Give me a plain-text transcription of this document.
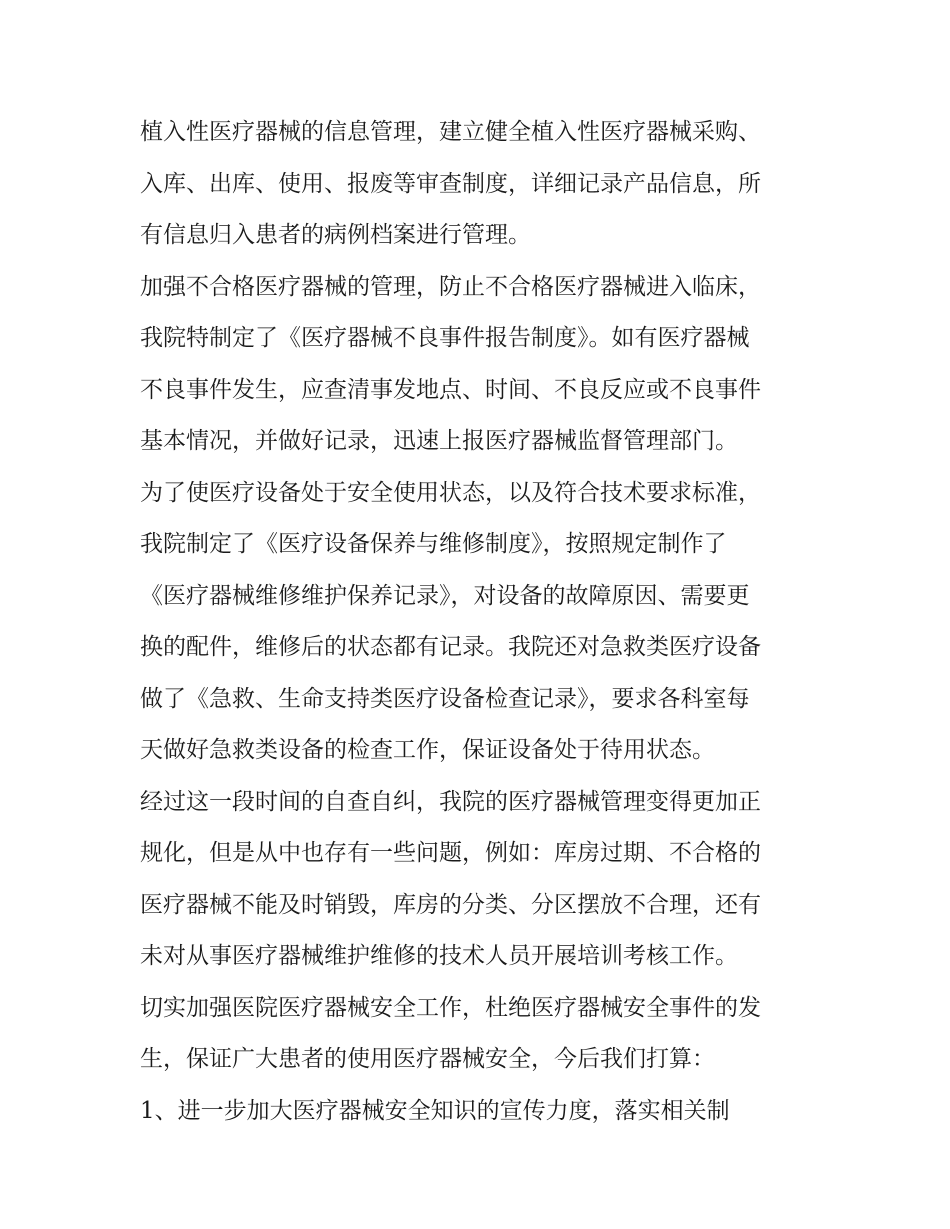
植入性医疗器械的信息管理，建立健全植入性医疗器械采购、
入库、出库、使用、报废等审查制度，详细记录产品信息，所
有信息归入患者的病例档案进行管理。
加强不合格医疗器械的管理，防止不合格医疗器械进入临床，
我院特制定了《医疗器械不良事件报告制度》。如有医疗器械
不良事件发生，应查清事发地点、时间、不良反应或不良事件
基本情况，并做好记录，迅速上报医疗器械监督管理部门。
为了使医疗设备处于安全使用状态，以及符合技术要求标准，
我院制定了《医疗设备保养与维修制度》，按照规定制作了
《医疗器械维修维护保养记录》，对设备的故障原因、需要更
换的配件，维修后的状态都有记录。我院还对急救类医疗设备
做了《急救、生命支持类医疗设备检查记录》，要求各科室每
天做好急救类设备的检查工作，保证设备处于待用状态。
经过这一段时间的自查自纠，我院的医疗器械管理变得更加正
规化，但是从中也存有一些问题，例如：库房过期、不合格的
医疗器械不能及时销毁，库房的分类、分区摆放不合理，还有
未对从事医疗器械维护维修的技术人员开展培训考核工作。
切实加强医院医疗器械安全工作，杜绝医疗器械安全事件的发
生，保证广大患者的使用医疗器械安全，今后我们打算：
1、进一步加大医疗器械安全知识的宣传力度，落实相关制
